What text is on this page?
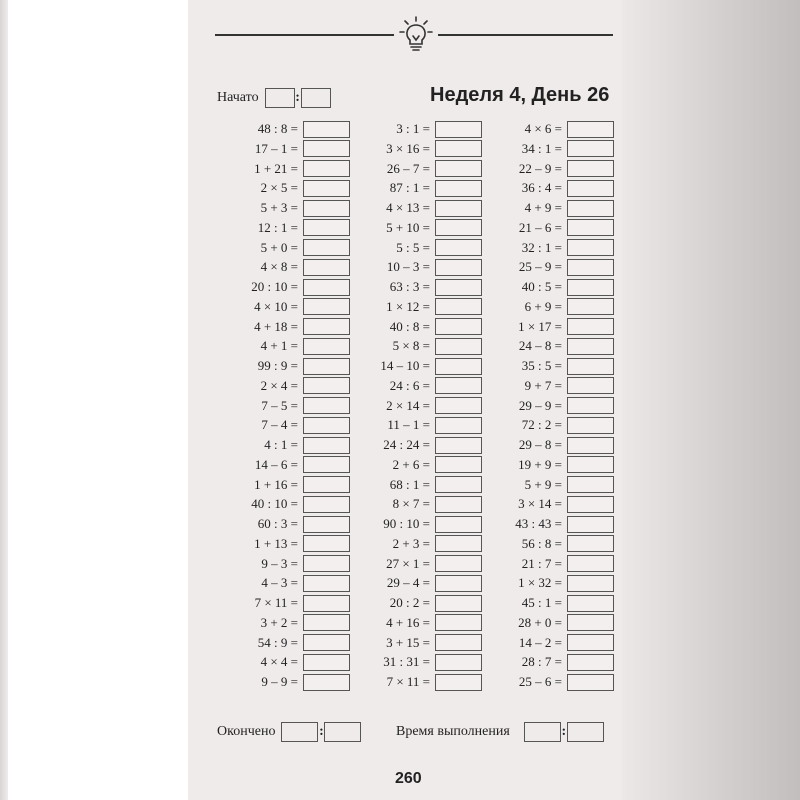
Начато	:	Неделя 4, День 26
48 : 8 =
17 – 1 =
1 + 21 =
2 × 5 =
5 + 3 =
12 : 1 =
5 + 0 =
4 × 8 =
20 : 10 =
4 × 10 =
4 + 18 =
4 + 1 =
99 : 9 =
2 × 4 =
7 – 5 =
7 – 4 =
4 : 1 =
14 – 6 =
1 + 16 =
40 : 10 =
60 : 3 =
1 + 13 =
9 – 3 =
4 – 3 =
7 × 11 =
3 + 2 =
54 : 9 =
4 × 4 =
9 – 9 =
3 : 1 =
3 × 16 =
26 – 7 =
87 : 1 =
4 × 13 =
5 + 10 =
5 : 5 =
10 – 3 =
63 : 3 =
1 × 12 =
40 : 8 =
5 × 8 =
14 – 10 =
24 : 6 =
2 × 14 =
11 – 1 =
24 : 24 =
2 + 6 =
68 : 1 =
8 × 7 =
90 : 10 =
2 + 3 =
27 × 1 =
29 – 4 =
20 : 2 =
4 + 16 =
3 + 15 =
31 : 31 =
7 × 11 =
4 × 6 =
34 : 1 =
22 – 9 =
36 : 4 =
4 + 9 =
21 – 6 =
32 : 1 =
25 – 9 =
40 : 5 =
6 + 9 =
1 × 17 =
24 – 8 =
35 : 5 =
9 + 7 =
29 – 9 =
72 : 2 =
29 – 8 =
19 + 9 =
5 + 9 =
3 × 14 =
43 : 43 =
56 : 8 =
21 : 7 =
1 × 32 =
45 : 1 =
28 + 0 =
14 – 2 =
28 : 7 =
25 – 6 =
Окончено	:	Время выполнения	:
260
